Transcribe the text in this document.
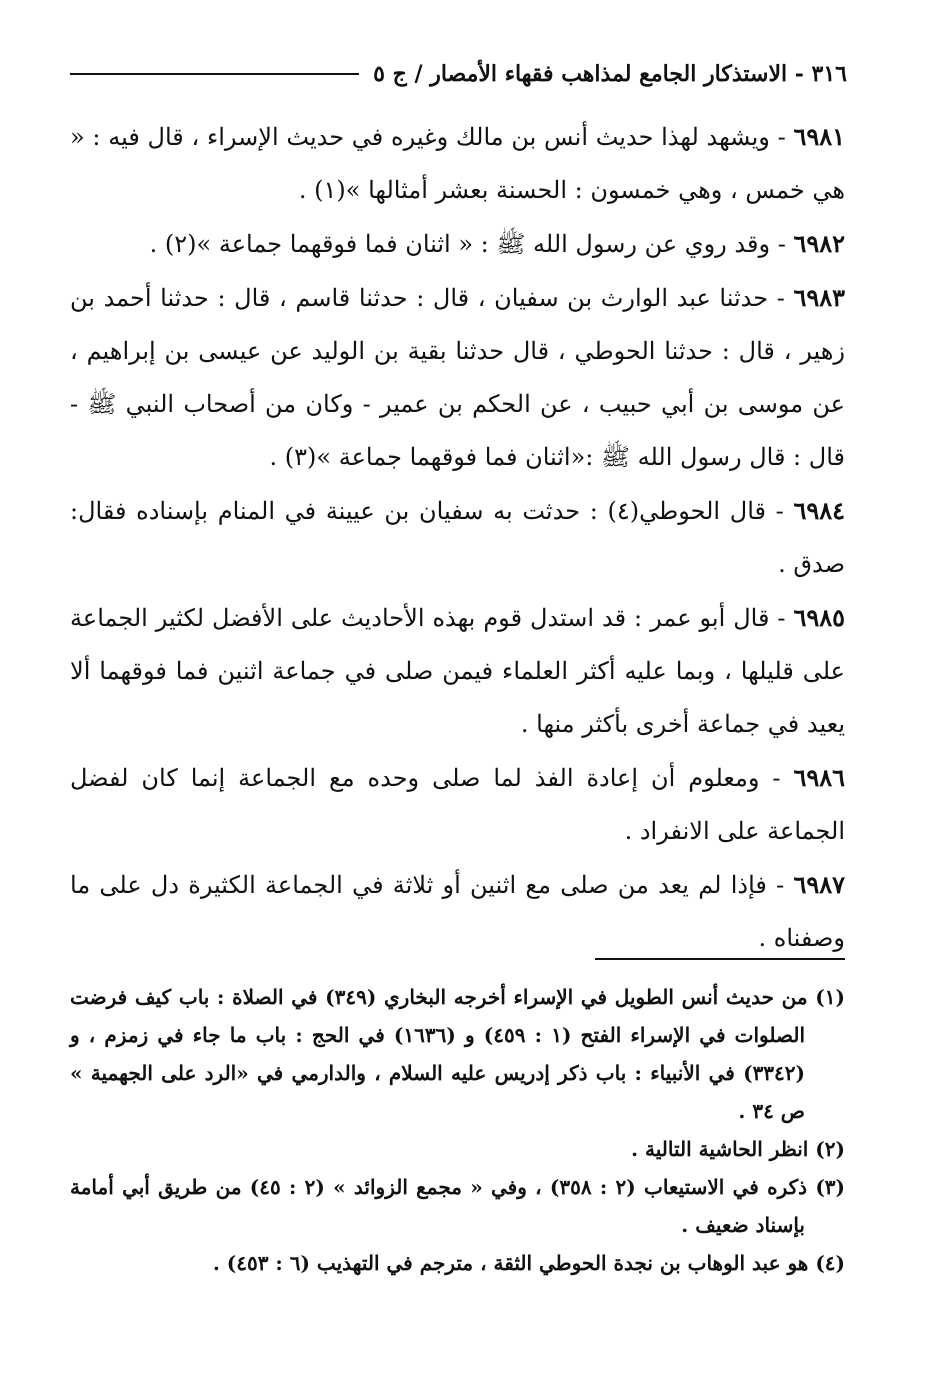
٣١٦ - الاستذكار الجامع لمذاهب فقهاء الأمصار / ج ٥

٦٩٨١ - ويشهد لهذا حديث أنس بن مالك وغيره في حديث الإسراء ، قال فيه : « هي خمس ، وهي خمسون : الحسنة بعشر أمثالها »(١) .

٦٩٨٢ - وقد روي عن رسول الله ﷺ : « اثنان فما فوقهما جماعة »(٢) .

٦٩٨٣ - حدثنا عبد الوارث بن سفيان ، قال : حدثنا قاسم ، قال : حدثنا أحمد بن زهير ، قال : حدثنا الحوطي ، قال حدثنا بقية بن الوليد عن عيسى بن إبراهيم ، عن موسى بن أبي حبيب ، عن الحكم بن عمير - وكان من أصحاب النبي ﷺ - قال : قال رسول الله ﷺ :«اثنان فما فوقهما جماعة »(٣) .

٦٩٨٤ - قال الحوطي(٤) : حدثت به سفيان بن عيينة في المنام بإسناده فقال: صدق .

٦٩٨٥ - قال أبو عمر : قد استدل قوم بهذه الأحاديث على الأفضل لكثير الجماعة على قليلها ، وبما عليه أكثر العلماء فيمن صلى في جماعة اثنين فما فوقهما ألا يعيد في جماعة أخرى بأكثر منها .

٦٩٨٦ - ومعلوم أن إعادة الفذ لما صلى وحده مع الجماعة إنما كان لفضل الجماعة على الانفراد .

٦٩٨٧ - فإذا لم يعد من صلى مع اثنين أو ثلاثة في الجماعة الكثيرة دل على ما وصفناه .

(١) من حديث أنس الطويل في الإسراء أخرجه البخاري (٣٤٩) في الصلاة : باب كيف فرضت الصلوات في الإسراء الفتح (١ : ٤٥٩) و (١٦٣٦) في الحج : باب ما جاء في زمزم ، و (٣٣٤٢) في الأنبياء : باب ذكر إدريس عليه السلام ، والدارمي في «الرد على الجهمية » ص ٣٤ .

(٢) انظر الحاشية التالية .

(٣) ذكره في الاستيعاب (٢ : ٣٥٨) ، وفي « مجمع الزوائد » (٢ : ٤٥) من طريق أبي أمامة بإسناد ضعيف .

(٤) هو عبد الوهاب بن نجدة الحوطي الثقة ، مترجم في التهذيب (٦ : ٤٥٣) .
